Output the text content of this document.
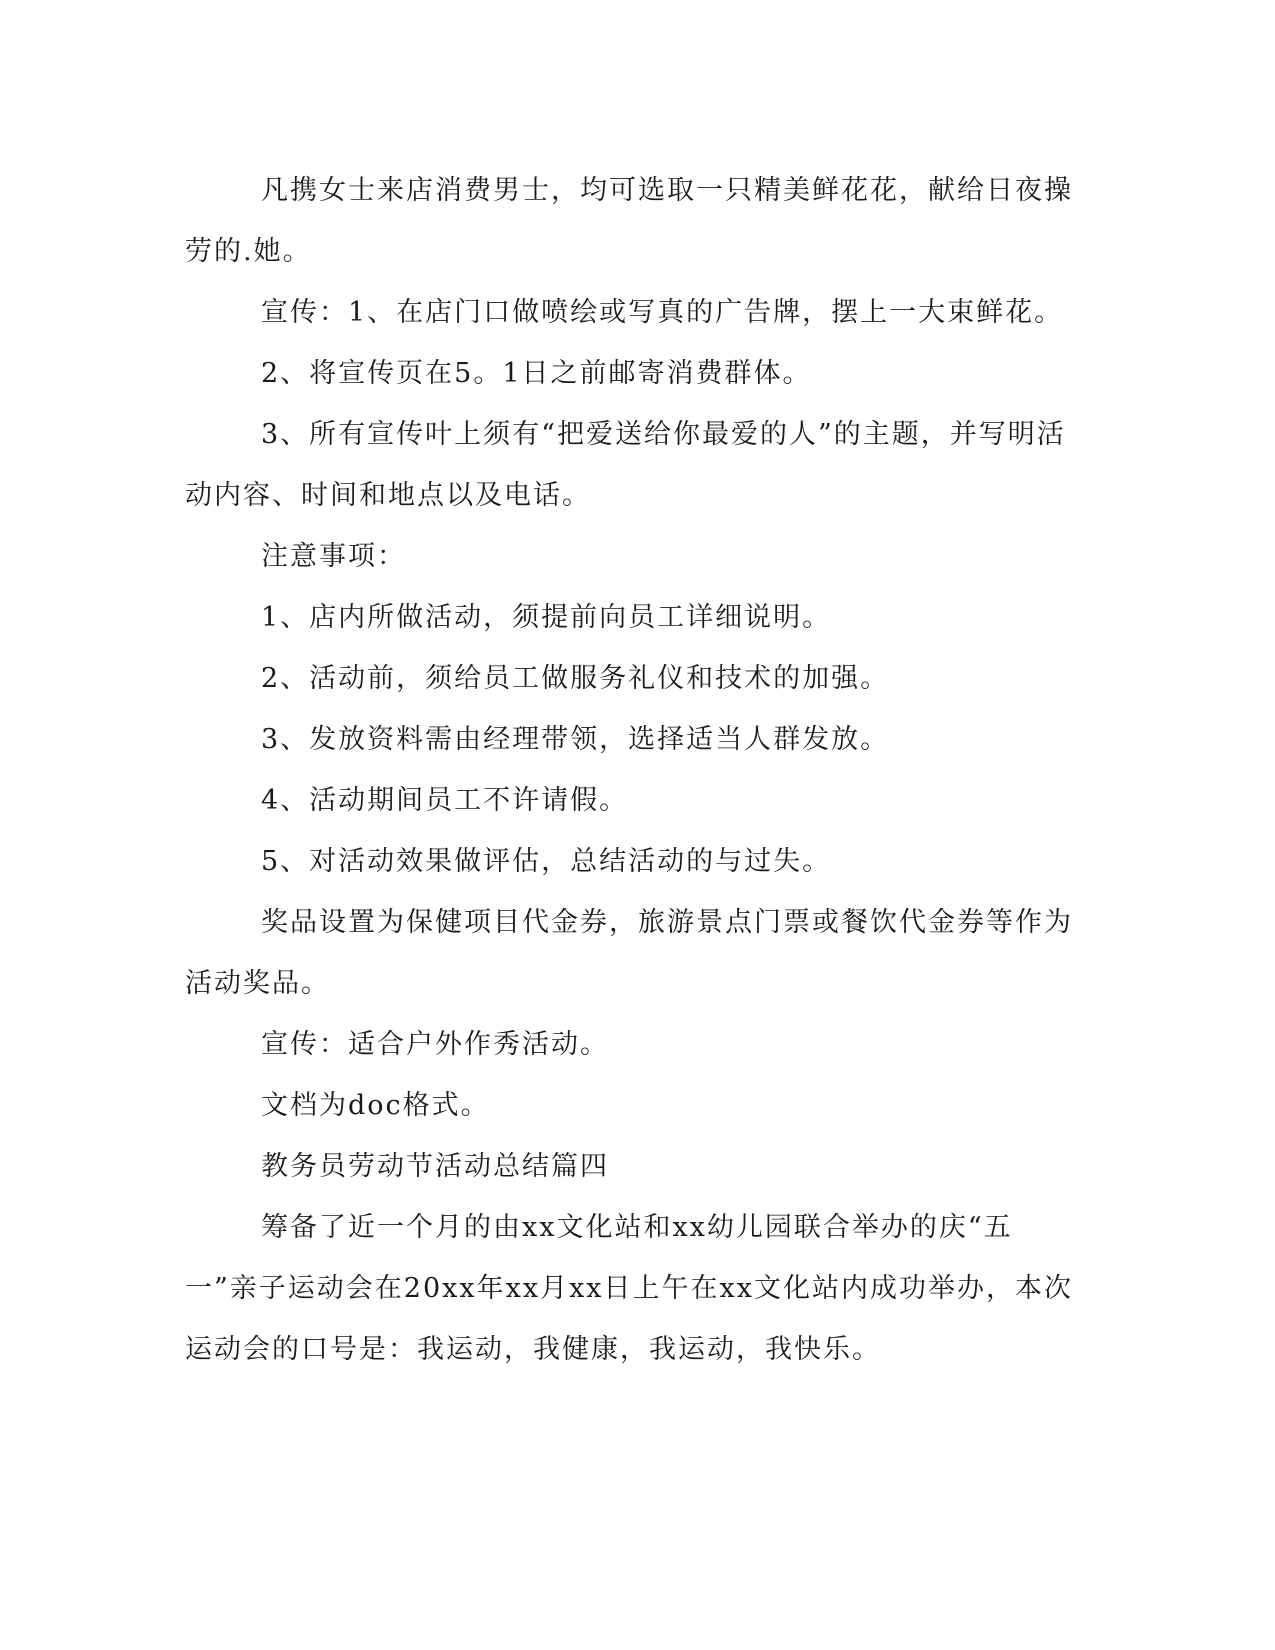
凡携女士来店消费男士，均可选取一只精美鲜花花，献给日夜操劳的.她。

宣传：1、在店门口做喷绘或写真的广告牌，摆上一大束鲜花。

2、将宣传页在5。1日之前邮寄消费群体。

3、所有宣传叶上须有“把爱送给你最爱的人”的主题，并写明活动内容、时间和地点以及电话。

注意事项：

1、店内所做活动，须提前向员工详细说明。

2、活动前，须给员工做服务礼仪和技术的加强。

3、发放资料需由经理带领，选择适当人群发放。

4、活动期间员工不许请假。

5、对活动效果做评估，总结活动的与过失。

奖品设置为保健项目代金券，旅游景点门票或餐饮代金券等作为活动奖品。

宣传：适合户外作秀活动。

文档为doc格式。

教务员劳动节活动总结篇四

筹备了近一个月的由xx文化站和xx幼儿园联合举办的庆“五一”亲子运动会在20xx年xx月xx日上午在xx文化站内成功举办，本次运动会的口号是：我运动，我健康，我运动，我快乐。
